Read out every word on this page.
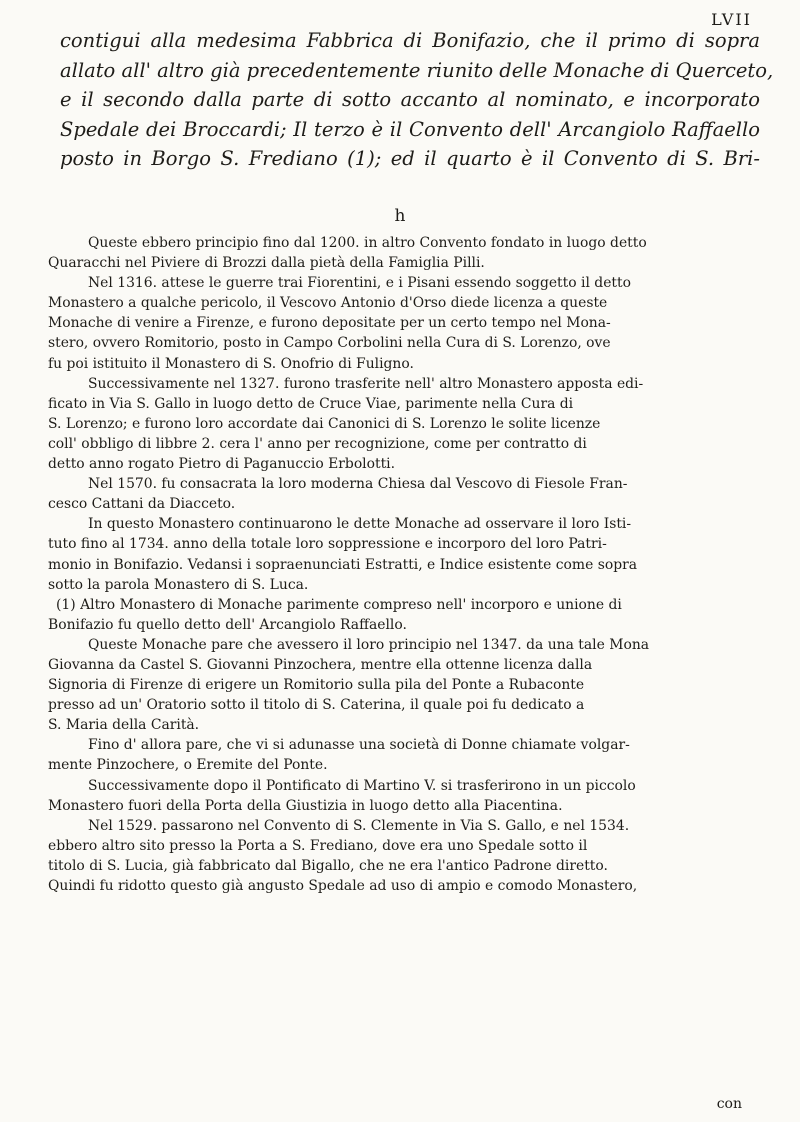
LVII
contigui alla medesima Fabbrica di Bonifazio, che il primo di sopra
allato all' altro già precedentemente riunito delle Monache di Querceto,
e il secondo dalla parte di sotto accanto al nominato, e incorporato
Spedale dei Broccardi; Il terzo è il Convento dell' Arcangiolo Raffaello
posto in Borgo S. Frediano (1); ed il quarto è il Convento di S. Bri-
h
Queste ebbero principio fino dal 1200. in altro Convento fondato in luogo detto
Quaracchi nel Piviere di Brozzi dalla pietà della Famiglia Pilli.
Nel 1316. attese le guerre trai Fiorentini, e i Pisani essendo soggetto il detto
Monastero a qualche pericolo, il Vescovo Antonio d'Orso diede licenza a queste
Monache di venire a Firenze, e furono depositate per un certo tempo nel Mona-
stero, ovvero Romitorio, posto in Campo Corbolini nella Cura di S. Lorenzo, ove
fu poi istituito il Monastero di S. Onofrio di Fuligno.
Successivamente nel 1327. furono trasferite nell' altro Monastero apposta edi-
ficato in Via S. Gallo in luogo detto de Cruce Viae, parimente nella Cura di
S. Lorenzo; e furono loro accordate dai Canonici di S. Lorenzo le solite licenze
coll' obbligo di libbre 2. cera l' anno per recognizione, come per contratto di
detto anno rogato Pietro di Paganuccio Erbolotti.
Nel 1570. fu consacrata la loro moderna Chiesa dal Vescovo di Fiesole Fran-
cesco Cattani da Diacceto.
In questo Monastero continuarono le dette Monache ad osservare il loro Isti-
tuto fino al 1734. anno della totale loro soppressione e incorporo del loro Patri-
monio in Bonifazio. Vedansi i sopraenunciati Estratti, e Indice esistente come sopra
sotto la parola Monastero di S. Luca.
(1) Altro Monastero di Monache parimente compreso nell' incorporo e unione di
Bonifazio fu quello detto dell' Arcangiolo Raffaello.
Queste Monache pare che avessero il loro principio nel 1347. da una tale Mona
Giovanna da Castel S. Giovanni Pinzochera, mentre ella ottenne licenza dalla
Signoria di Firenze di erigere un Romitorio sulla pila del Ponte a Rubaconte
presso ad un' Oratorio sotto il titolo di S. Caterina, il quale poi fu dedicato a
S. Maria della Carità.
Fino d' allora pare, che vi si adunasse una società di Donne chiamate volgar-
mente Pinzochere, o Eremite del Ponte.
Successivamente dopo il Pontificato di Martino V. si trasferirono in un piccolo
Monastero fuori della Porta della Giustizia in luogo detto alla Piacentina.
Nel 1529. passarono nel Convento di S. Clemente in Via S. Gallo, e nel 1534.
ebbero altro sito presso la Porta a S. Frediano, dove era uno Spedale sotto il
titolo di S. Lucia, già fabbricato dal Bigallo, che ne era l'antico Padrone diretto.
Quindi fu ridotto questo già angusto Spedale ad uso di ampio e comodo Monastero,
con
